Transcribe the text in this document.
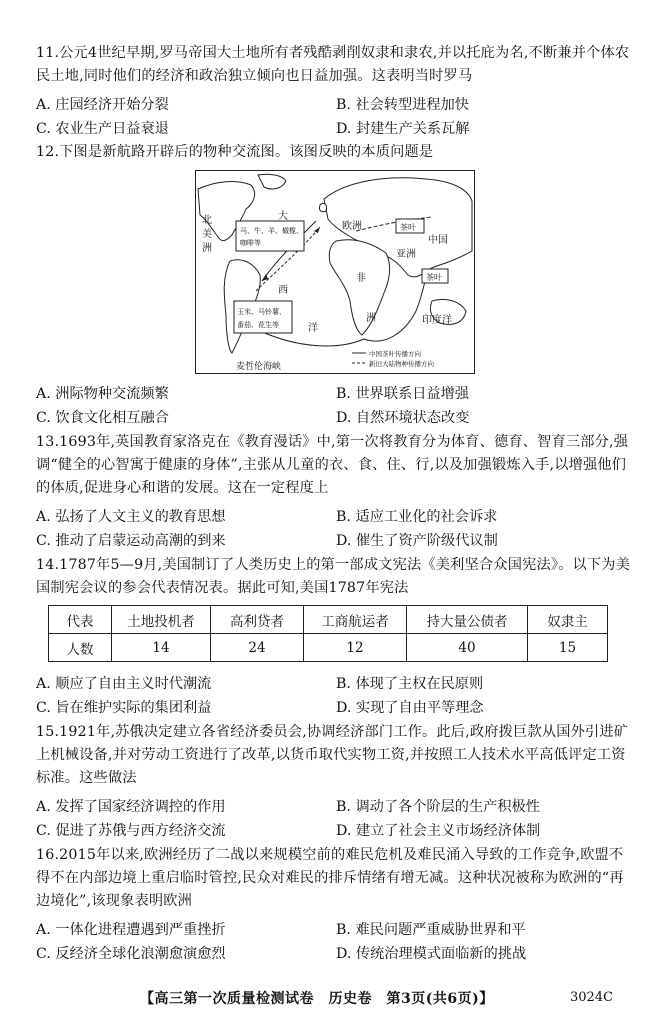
11.公元4世纪早期,罗马帝国大土地所有者残酷剥削奴隶和隶农,并以托庇为名,不断兼并个体农民土地,同时他们的经济和政治独立倾向也日益加强。这表明当时罗马
A. 庄园经济开始分裂	B. 社会转型进程加快
C. 农业生产日益衰退	D. 封建生产关系瓦解
12.下图是新航路开辟后的物种交流图。该图反映的本质问题是
马、牛、羊、橄榄、
咖啡等
玉米、马铃薯、
番茄、花生等
茶叶
茶叶
北
美
洲
大
西
洋
欧洲
中国
亚洲
非
洲	印度洋
麦哲伦海峡
中国茶叶传播方向
新旧大陆物种传播方向
A. 洲际物种交流频繁	B. 世界联系日益增强
C. 饮食文化相互融合	D. 自然环境状态改变
13.1693年,英国教育家洛克在《教育漫话》中,第一次将教育分为体育、德育、智育三部分,强调“健全的心智寓于健康的身体”,主张从儿童的衣、食、住、行,以及加强锻炼入手,以增强他们的体质,促进身心和谐的发展。这在一定程度上
A. 弘扬了人文主义的教育思想	B. 适应工业化的社会诉求
C. 推动了启蒙运动高潮的到来	D. 催生了资产阶级代议制
14.1787年5—9月,美国制订了人类历史上的第一部成文宪法《美利坚合众国宪法》。以下为美国制宪会议的参会代表情况表。据此可知,美国1787年宪法
代表	土地投机者	高利贷者	工商航运者	持大量公债者	奴隶主
人数	14	24	12	40	15
A. 顺应了自由主义时代潮流	B. 体现了主权在民原则
C. 旨在维护实际的集团利益	D. 实现了自由平等理念
15.1921年,苏俄决定建立各省经济委员会,协调经济部门工作。此后,政府拨巨款从国外引进矿上机械设备,并对劳动工资进行了改革,以货币取代实物工资,并按照工人技术水平高低评定工资标准。这些做法
A. 发挥了国家经济调控的作用	B. 调动了各个阶层的生产积极性
C. 促进了苏俄与西方经济交流	D. 建立了社会主义市场经济体制
16.2015年以来,欧洲经历了二战以来规模空前的难民危机及难民涌入导致的工作竞争,欧盟不得不在内部边境上重启临时管控,民众对难民的排斥情绪有增无减。这种状况被称为欧洲的“再边境化”,该现象表明欧洲
A. 一体化进程遭遇到严重挫折	B. 难民问题严重威胁世界和平
C. 反经济全球化浪潮愈演愈烈	D. 传统治理模式面临新的挑战
【高三第一次质量检测试卷　历史卷　第3页(共6页)】	3024C
